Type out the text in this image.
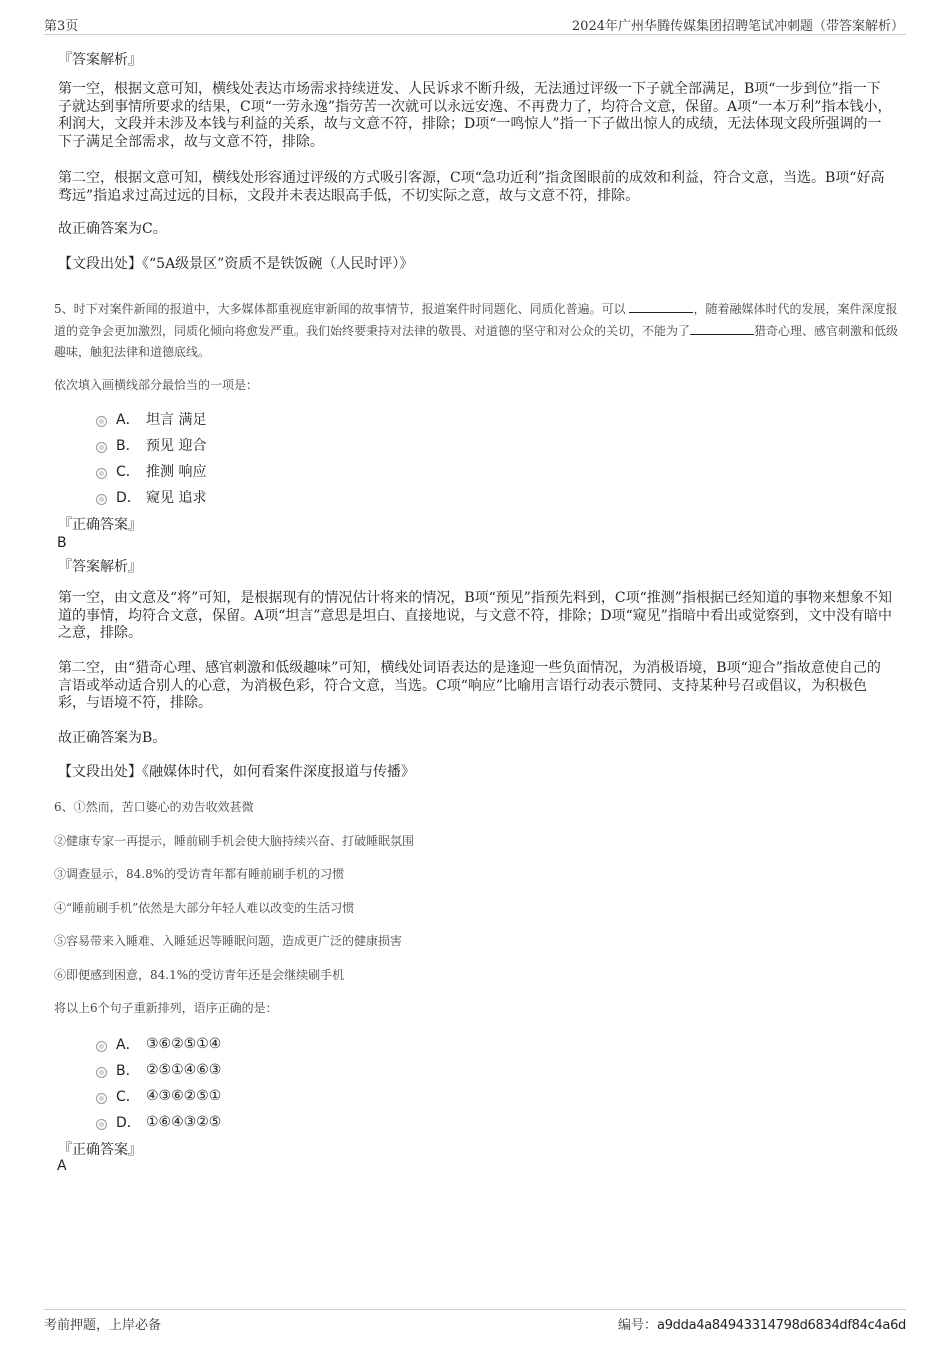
第3页	2024年广州华腾传媒集团招聘笔试冲刺题（带答案解析）
『答案解析』

第一空，根据文意可知，横线处表达市场需求持续迸发、人民诉求不断升级，无法通过评级一下子就全部满足，B项“一步到位”指一下子就达到事情所要求的结果，C项“一劳永逸”指劳苦一次就可以永远安逸、不再费力了，均符合文意，保留。A项“一本万利”指本钱小，利润大，文段并未涉及本钱与利益的关系，故与文意不符，排除；D项“一鸣惊人”指一下子做出惊人的成绩，无法体现文段所强调的一下子满足全部需求，故与文意不符，排除。

第二空，根据文意可知，横线处形容通过评级的方式吸引客源，C项“急功近利”指贪图眼前的成效和利益，符合文意，当选。B项“好高骛远”指追求过高过远的目标，文段并未表达眼高手低，不切实际之意，故与文意不符，排除。

故正确答案为C。

【文段出处】《“5A级景区”资质不是铁饭碗（人民时评）》

5、时下对案件新闻的报道中，大多媒体都重视庭审新闻的故事情节，报道案件时同题化、同质化普遍。可以	，随着融媒体时代的发展，案件深度报道的竞争会更加激烈，同质化倾向将愈发严重。我们始终要秉持对法律的敬畏、对道德的坚守和对公众的关切，不能为了	猎奇心理、感官刺激和低级趣味，触犯法律和道德底线。
依次填入画横线部分最恰当的一项是：
A． 坦言 满足
B． 预见 迎合
C． 推测 响应
D． 窥见 追求
『正确答案』
B
『答案解析』

第一空，由文意及“将”可知，是根据现有的情况估计将来的情况，B项“预见”指预先料到，C项“推测”指根据已经知道的事物来想象不知道的事情，均符合文意，保留。A项“坦言”意思是坦白、直接地说，与文意不符，排除；D项“窥见”指暗中看出或觉察到，文中没有暗中之意，排除。

第二空，由“猎奇心理、感官刺激和低级趣味”可知，横线处词语表达的是逢迎一些负面情况，为消极语境，B项“迎合”指故意使自己的言语或举动适合别人的心意，为消极色彩，符合文意，当选。C项“响应”比喻用言语行动表示赞同、支持某种号召或倡议，为积极色彩，与语境不符，排除。

故正确答案为B。

【文段出处】《融媒体时代，如何看案件深度报道与传播》

6、①然而，苦口婆心的劝告收效甚微
②健康专家一再提示，睡前刷手机会使大脑持续兴奋、打破睡眠氛围
③调查显示，84.8%的受访青年都有睡前刷手机的习惯
④“睡前刷手机”依然是大部分年轻人难以改变的生活习惯
⑤容易带来入睡难、入睡延迟等睡眠问题，造成更广泛的健康损害
⑥即便感到困意，84.1%的受访青年还是会继续刷手机
将以上6个句子重新排列，语序正确的是：
A． ③⑥②⑤①④
B． ②⑤①④⑥③
C． ④③⑥②⑤①
D． ①⑥④③②⑤
『正确答案』
A
考前押题，上岸必备	编号：a9dda4a84943314798d6834df84c4a6d
